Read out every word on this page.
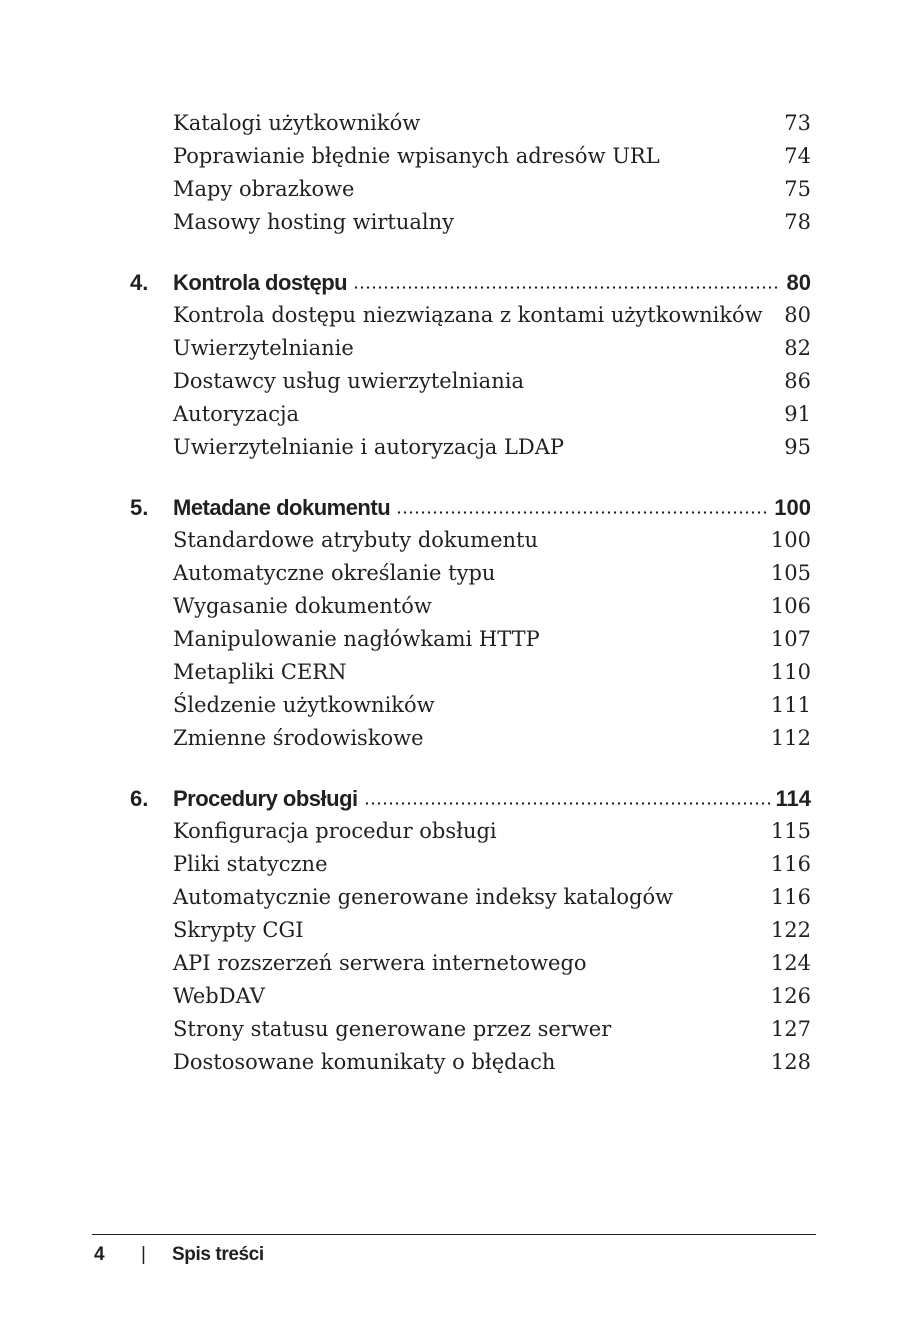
Katalogi użytkowników	73
Poprawianie błędnie wpisanych adresów URL	74
Mapy obrazkowe	75
Masowy hosting wirtualny	78
4. Kontrola dostępu	80
Kontrola dostępu niezwiązana z kontami użytkowników 80
Uwierzytelnianie	82
Dostawcy usług uwierzytelniania	86
Autoryzacja	91
Uwierzytelnianie i autoryzacja LDAP	95
5. Metadane dokumentu	100
Standardowe atrybuty dokumentu	100
Automatyczne określanie typu	105
Wygasanie dokumentów	106
Manipulowanie nagłówkami HTTP	107
Metapliki CERN	110
Śledzenie użytkowników	111
Zmienne środowiskowe	112
6. Procedury obsługi	114
Konfiguracja procedur obsługi	115
Pliki statyczne	116
Automatycznie generowane indeksy katalogów	116
Skrypty CGI	122
API rozszerzeń serwera internetowego	124
WebDAV	126
Strony statusu generowane przez serwer	127
Dostosowane komunikaty o błędach	128
4 | Spis treści
